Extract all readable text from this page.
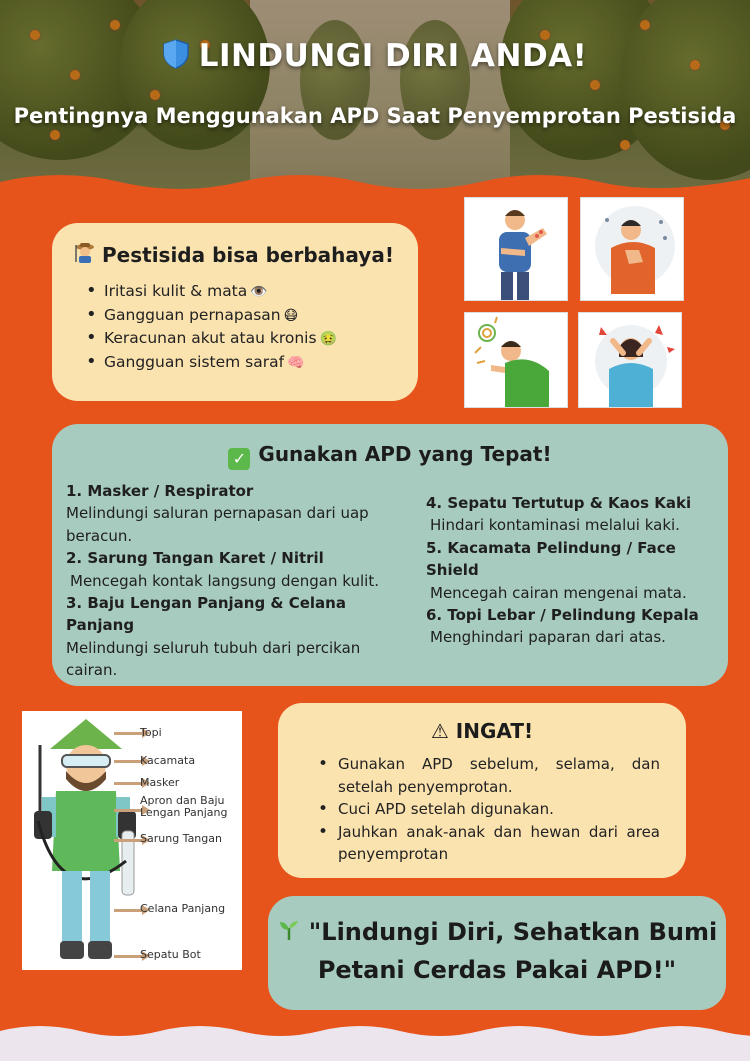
LINDUNGI DIRI ANDA!
Pentingnya Menggunakan APD Saat Penyemprotan Pestisida
Pestisida bisa berbahaya!
• Iritasi kulit & mata 👁️
• Gangguan pernapasan 😷
• Keracunan akut atau kronis 🤢
• Gangguan sistem saraf 🧠
✓ Gunakan APD yang Tepat!
1. Masker / Respirator
Melindungi saluran pernapasan dari uap beracun.
2. Sarung Tangan Karet / Nitril
Mencegah kontak langsung dengan kulit.
3. Baju Lengan Panjang & Celana Panjang
Melindungi seluruh tubuh dari percikan cairan.
4. Sepatu Tertutup & Kaos Kaki
Hindari kontaminasi melalui kaki.
5. Kacamata Pelindung / Face Shield
Mencegah cairan mengenai mata.
6. Topi Lebar / Pelindung Kepala
Menghindari paparan dari atas.
Topi
Kacamata
Masker
Apron dan Baju Lengan Panjang
Sarung Tangan
Celana Panjang
Sepatu Bot
⚠ INGAT!
• Gunakan APD sebelum, selama, dan setelah penyemprotan.
• Cuci APD setelah digunakan.
• Jauhkan anak-anak dan hewan dari area penyemprotan

"Lindungi Diri, Sehatkan Bumi

Petani Cerdas Pakai APD!"
